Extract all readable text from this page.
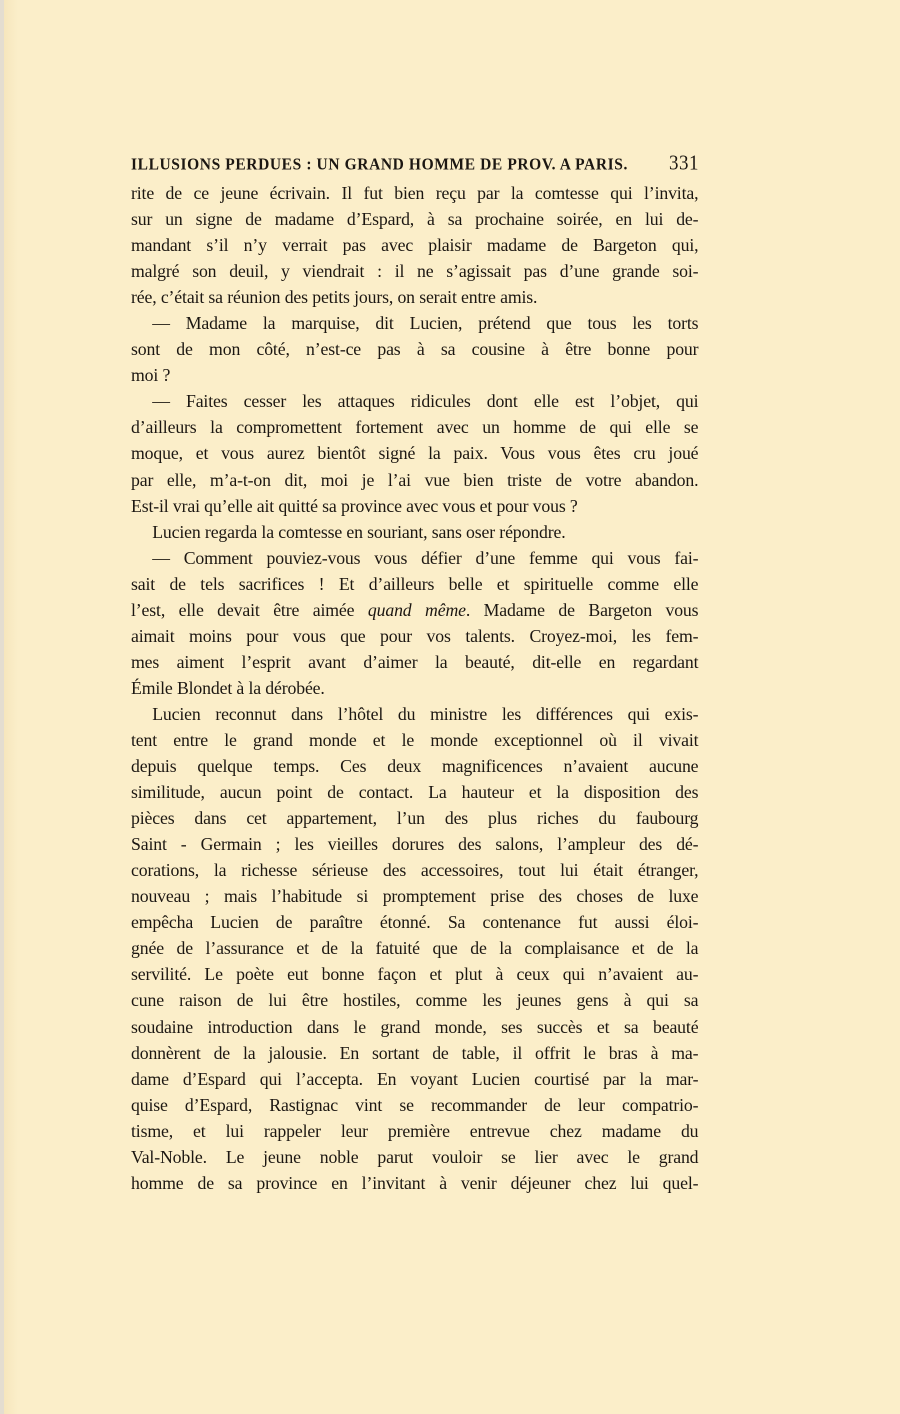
ILLUSIONS PERDUES : UN GRAND HOMME DE PROV. A PARIS. 331
rite de ce jeune écrivain. Il fut bien reçu par la comtesse qui l’invita,
sur un signe de madame d’Espard, à sa prochaine soirée, en lui de-
mandant s’il n’y verrait pas avec plaisir madame de Bargeton qui,
malgré son deuil, y viendrait : il ne s’agissait pas d’une grande soi-
rée, c’était sa réunion des petits jours, on serait entre amis.
— Madame la marquise, dit Lucien, prétend que tous les torts
sont de mon côté, n’est-ce pas à sa cousine à être bonne pour
moi ?
— Faites cesser les attaques ridicules dont elle est l’objet, qui
d’ailleurs la compromettent fortement avec un homme de qui elle se
moque, et vous aurez bientôt signé la paix. Vous vous êtes cru joué
par elle, m’a-t-on dit, moi je l’ai vue bien triste de votre abandon.
Est-il vrai qu’elle ait quitté sa province avec vous et pour vous ?
Lucien regarda la comtesse en souriant, sans oser répondre.
— Comment pouviez-vous vous défier d’une femme qui vous fai-
sait de tels sacrifices ! Et d’ailleurs belle et spirituelle comme elle
l’est, elle devait être aimée quand même. Madame de Bargeton vous
aimait moins pour vous que pour vos talents. Croyez-moi, les fem-
mes aiment l’esprit avant d’aimer la beauté, dit-elle en regardant
Émile Blondet à la dérobée.
Lucien reconnut dans l’hôtel du ministre les différences qui exis-
tent entre le grand monde et le monde exceptionnel où il vivait
depuis quelque temps. Ces deux magnificences n’avaient aucune
similitude, aucun point de contact. La hauteur et la disposition des
pièces dans cet appartement, l’un des plus riches du faubourg
Saint - Germain ; les vieilles dorures des salons, l’ampleur des dé-
corations, la richesse sérieuse des accessoires, tout lui était étranger,
nouveau ; mais l’habitude si promptement prise des choses de luxe
empêcha Lucien de paraître étonné. Sa contenance fut aussi éloi-
gnée de l’assurance et de la fatuité que de la complaisance et de la
servilité. Le poète eut bonne façon et plut à ceux qui n’avaient au-
cune raison de lui être hostiles, comme les jeunes gens à qui sa
soudaine introduction dans le grand monde, ses succès et sa beauté
donnèrent de la jalousie. En sortant de table, il offrit le bras à ma-
dame d’Espard qui l’accepta. En voyant Lucien courtisé par la mar-
quise d’Espard, Rastignac vint se recommander de leur compatrio-
tisme, et lui rappeler leur première entrevue chez madame du
Val-Noble. Le jeune noble parut vouloir se lier avec le grand
homme de sa province en l’invitant à venir déjeuner chez lui quel-
